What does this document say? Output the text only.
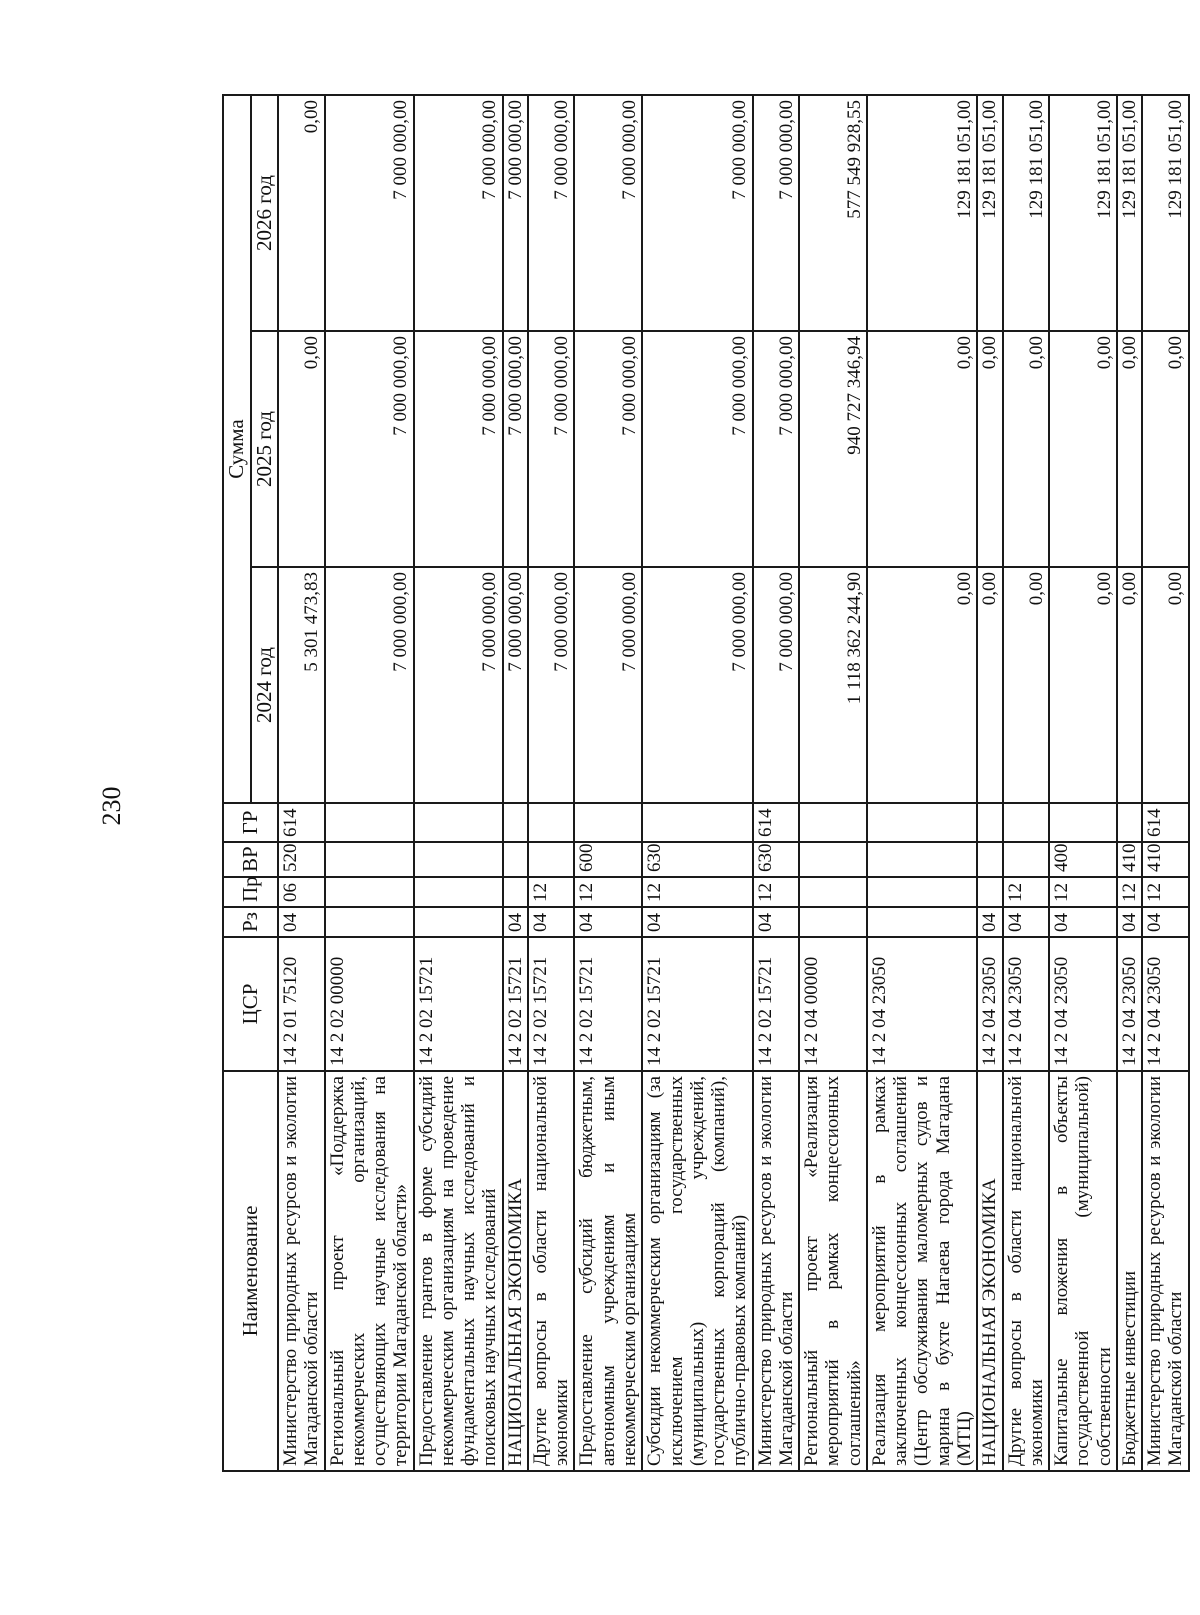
230
Наименование	ЦСР	Рз	Пр	ВР	ГР	Сумма		
						2024 год	2025 год	2026 год
Министерство природных ресурсов и экологии Магаданской области	14 2 01 75120	04	06	520	614	5 301 473,83	0,00	0,00
Региональный проект «Поддержка некоммерческих организаций, осуществляющих научные исследования на территории Магаданской области»	14 2 02 00000					7 000 000,00	7 000 000,00	7 000 000,00
Предоставление грантов в форме субсидий некоммерческим организациям на проведение фундаментальных научных исследований и поисковых научных исследований	14 2 02 15721					7 000 000,00	7 000 000,00	7 000 000,00
НАЦИОНАЛЬНАЯ ЭКОНОМИКА	14 2 02 15721	04				7 000 000,00	7 000 000,00	7 000 000,00
Другие вопросы в области национальной экономики	14 2 02 15721	04	12			7 000 000,00	7 000 000,00	7 000 000,00
Предоставление субсидий бюджетным, автономным учреждениям и иным некоммерческим организациям	14 2 02 15721	04	12	600		7 000 000,00	7 000 000,00	7 000 000,00
Субсидии некоммерческим организациям (за исключением государственных (муниципальных) учреждений, государственных корпораций (компаний), публично-правовых компаний)	14 2 02 15721	04	12	630		7 000 000,00	7 000 000,00	7 000 000,00
Министерство природных ресурсов и экологии Магаданской области	14 2 02 15721	04	12	630	614	7 000 000,00	7 000 000,00	7 000 000,00
Региональный проект «Реализация мероприятий в рамках концессионных соглашений»	14 2 04 00000					1 118 362 244,90	940 727 346,94	577 549 928,55
Реализация мероприятий в рамках заключенных концессионных соглашений (Центр обслуживания маломерных судов и марина в бухте Нагаева города Магадана (МТЦ)	14 2 04 23050					0,00	0,00	129 181 051,00
НАЦИОНАЛЬНАЯ ЭКОНОМИКА	14 2 04 23050	04				0,00	0,00	129 181 051,00
Другие вопросы в области национальной экономики	14 2 04 23050	04	12			0,00	0,00	129 181 051,00
Капитальные вложения в объекты государственной (муниципальной) собственности	14 2 04 23050	04	12	400		0,00	0,00	129 181 051,00
Бюджетные инвестиции	14 2 04 23050	04	12	410		0,00	0,00	129 181 051,00
Министерство природных ресурсов и экологии Магаданской области	14 2 04 23050	04	12	410	614	0,00	0,00	129 181 051,00
